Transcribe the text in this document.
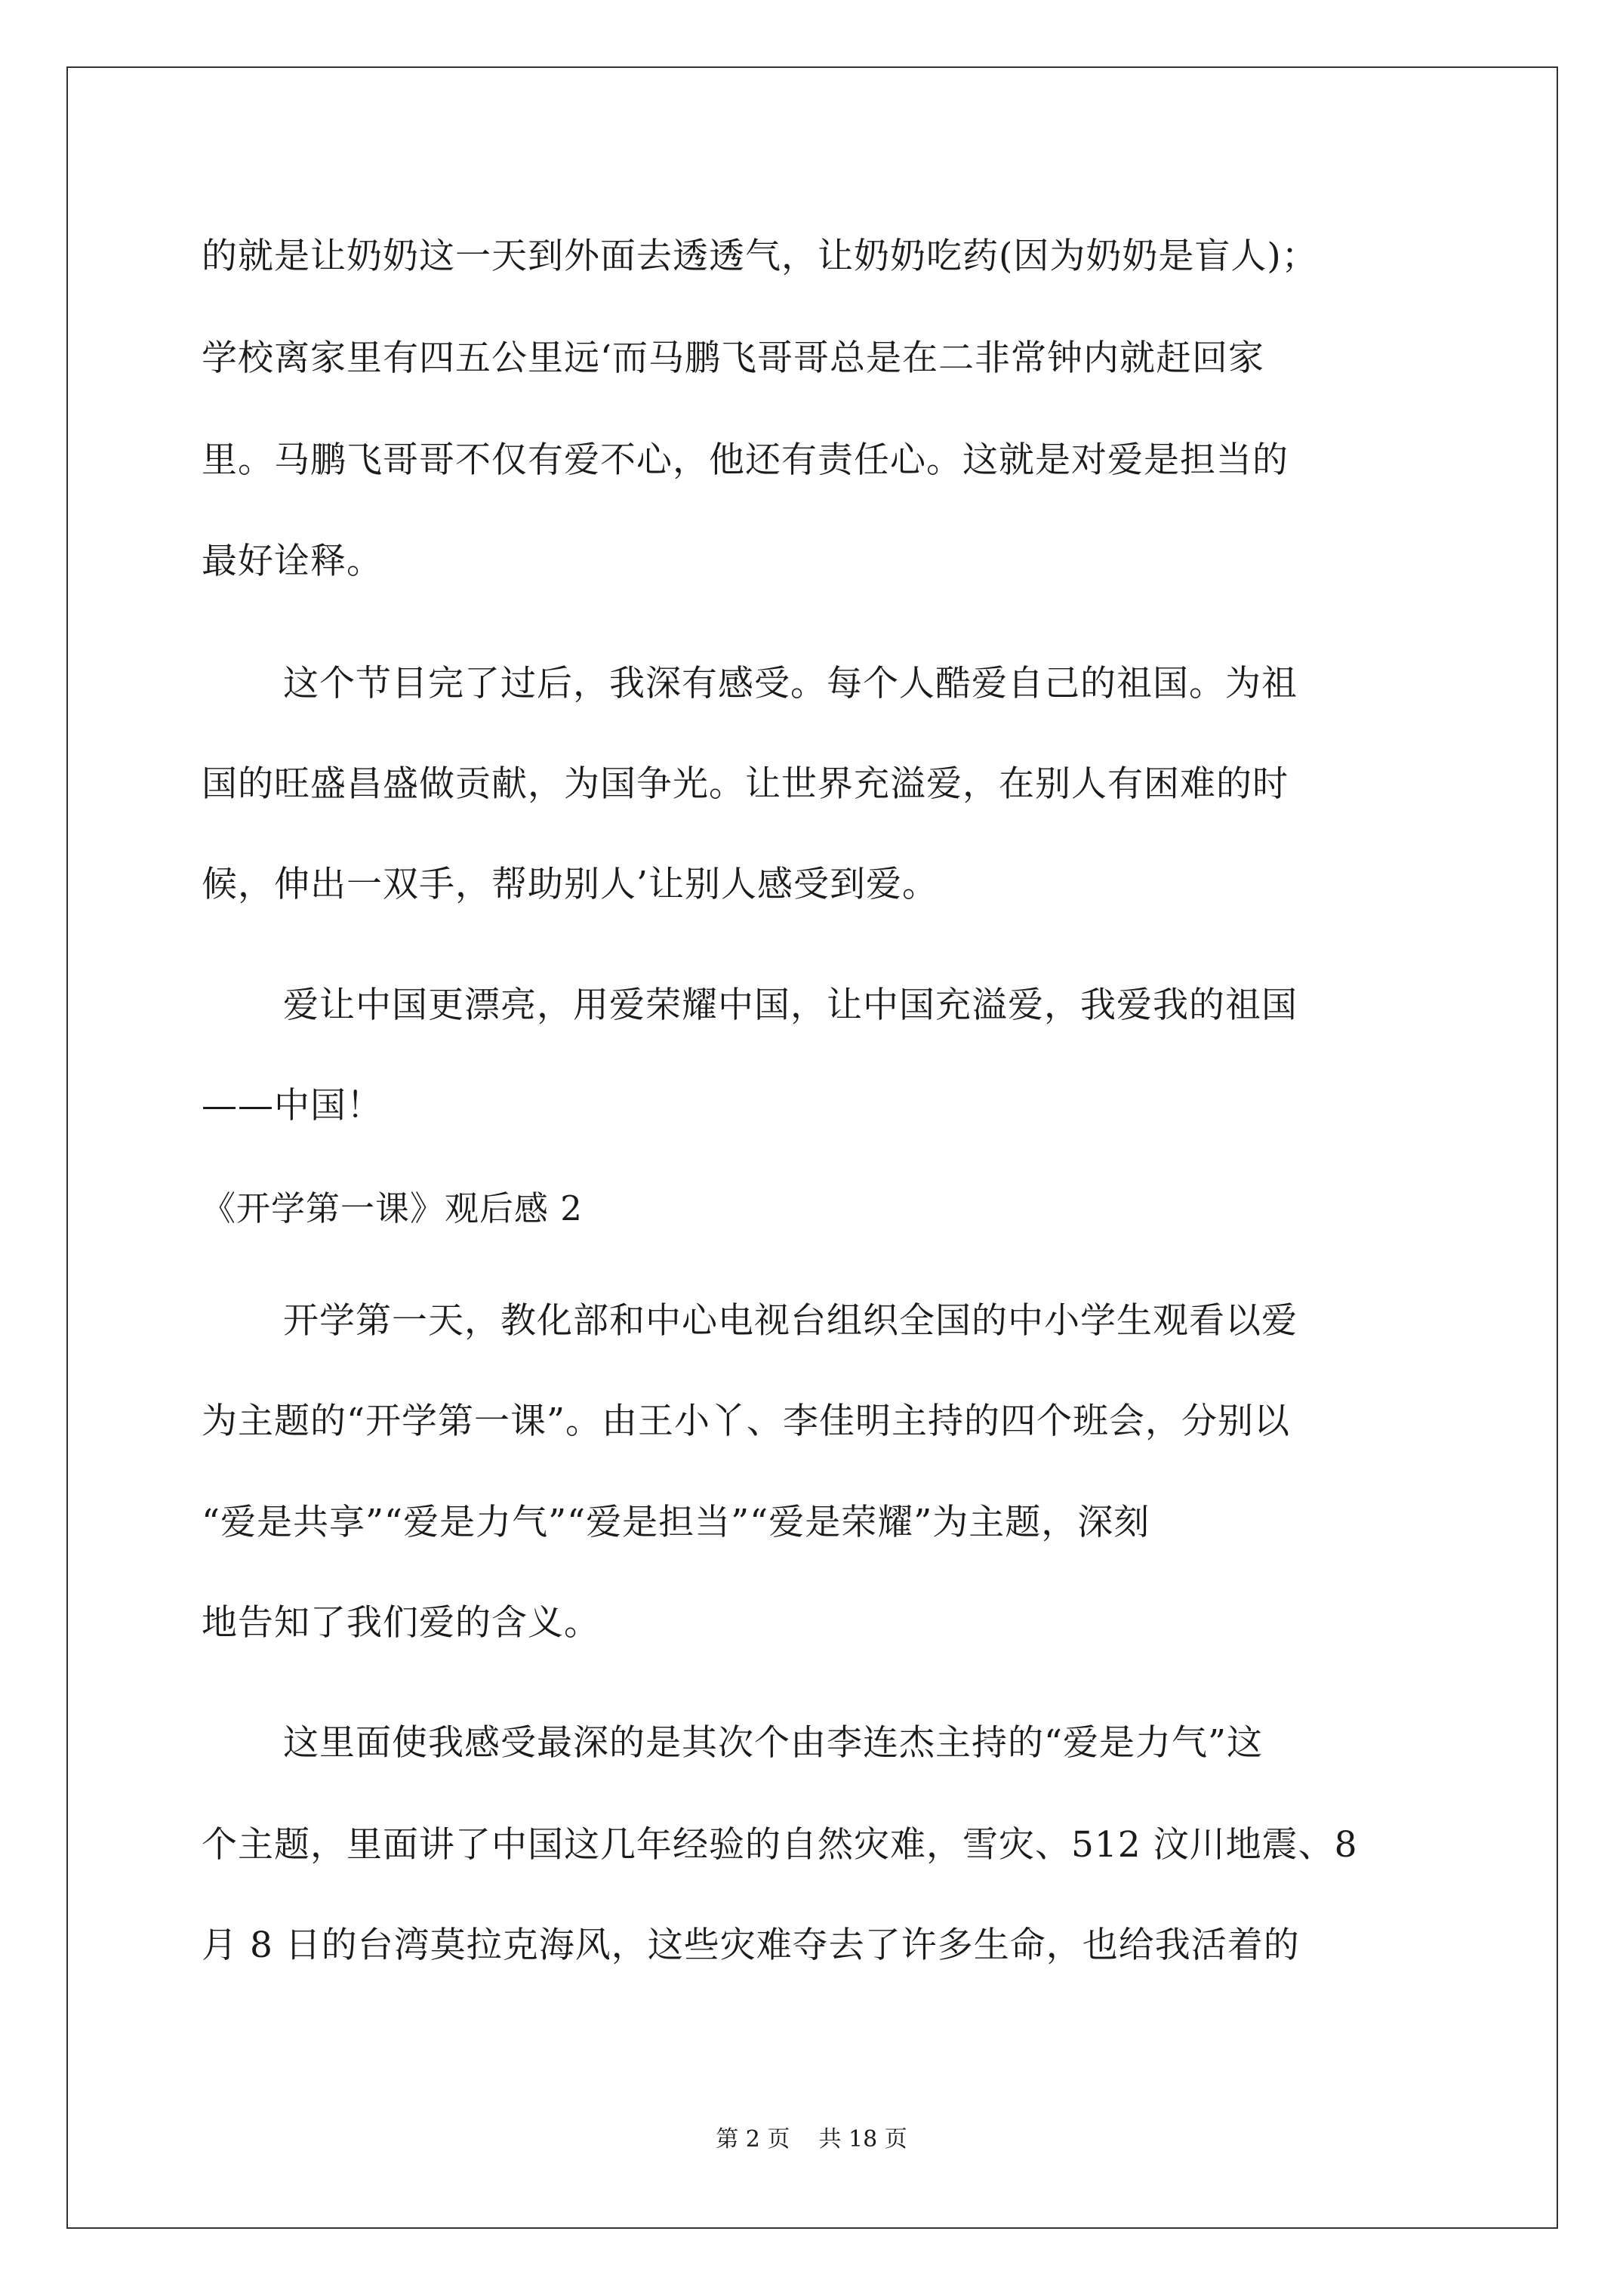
的就是让奶奶这一天到外面去透透气，让奶奶吃药(因为奶奶是盲人)；
学校离家里有四五公里远‘而马鹏飞哥哥总是在二非常钟内就赶回家
里。马鹏飞哥哥不仅有爱不心，他还有责任心。这就是对爱是担当的
最好诠释。
这个节目完了过后，我深有感受。每个人酷爱自己的祖国。为祖
国的旺盛昌盛做贡献，为国争光。让世界充溢爱，在别人有困难的时
候，伸出一双手，帮助别人’让别人感受到爱。
爱让中国更漂亮，用爱荣耀中国，让中国充溢爱，我爱我的祖国
——中国！
《开学第一课》观后感 2
开学第一天，教化部和中心电视台组织全国的中小学生观看以爱
为主题的“开学第一课”。由王小丫、李佳明主持的四个班会，分别以
“爱是共享”“爱是力气”“爱是担当”“爱是荣耀”为主题，深刻
地告知了我们爱的含义。
这里面使我感受最深的是其次个由李连杰主持的“爱是力气”这
个主题，里面讲了中国这几年经验的自然灾难，雪灾、512 汶川地震、8
月 8 日的台湾莫拉克海风，这些灾难夺去了许多生命，也给我活着的
第 2 页    共 18 页
